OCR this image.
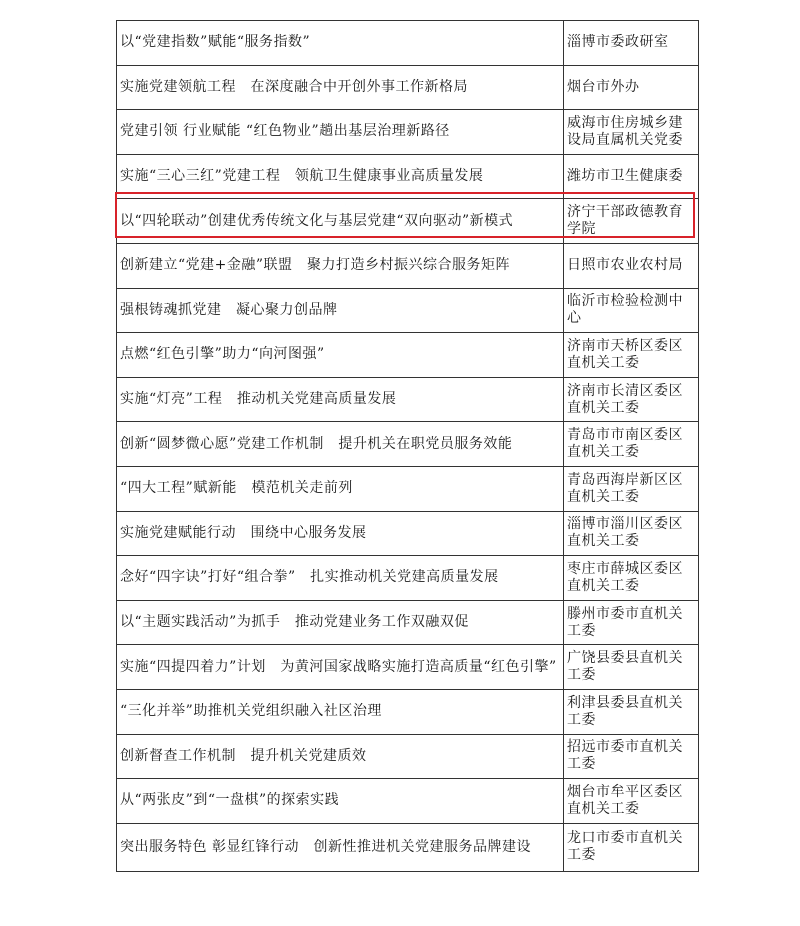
以“党建指数”赋能“服务指数”	淄博市委政研室
实施党建领航工程　在深度融合中开创外事工作新格局	烟台市外办
党建引领 行业赋能 “红色物业”趟出基层治理新路径	威海市住房城乡建设局直属机关党委
实施“三心三红”党建工程　领航卫生健康事业高质量发展	潍坊市卫生健康委
以“四轮联动”创建优秀传统文化与基层党建“双向驱动”新模式	济宁干部政德教育学院
创新建立“党建+金融”联盟　聚力打造乡村振兴综合服务矩阵	日照市农业农村局
强根铸魂抓党建　凝心聚力创品牌	临沂市检验检测中心
点燃“红色引擎”助力“向河图强”	济南市天桥区委区直机关工委
实施“灯亮”工程　推动机关党建高质量发展	济南市长清区委区直机关工委
创新“圆梦微心愿”党建工作机制　提升机关在职党员服务效能	青岛市市南区委区直机关工委
“四大工程”赋新能　模范机关走前列	青岛西海岸新区区直机关工委
实施党建赋能行动　围绕中心服务发展	淄博市淄川区委区直机关工委
念好“四字诀”打好“组合拳”　扎实推动机关党建高质量发展	枣庄市薛城区委区直机关工委
以“主题实践活动”为抓手　推动党建业务工作双融双促	滕州市委市直机关工委
实施“四提四着力”计划　为黄河国家战略实施打造高质量“红色引擎”	广饶县委县直机关工委
“三化并举”助推机关党组织融入社区治理	利津县委县直机关工委
创新督查工作机制　提升机关党建质效	招远市委市直机关工委
从“两张皮”到“一盘棋”的探索实践	烟台市牟平区委区直机关工委
突出服务特色 彰显红锋行动　创新性推进机关党建服务品牌建设	龙口市委市直机关工委
